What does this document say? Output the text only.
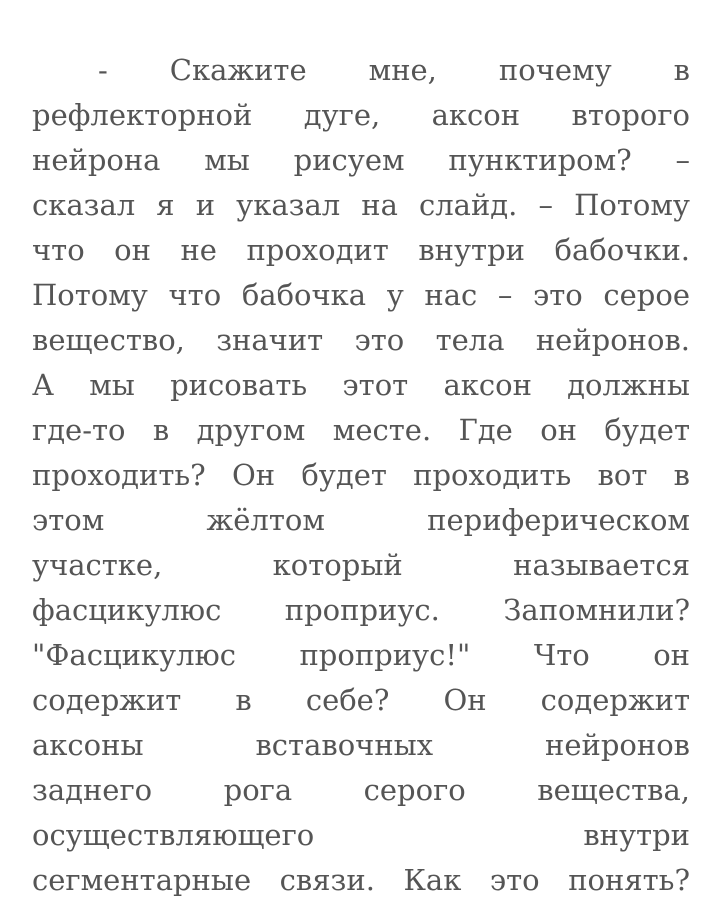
- Скажите мне, почему в
рефлекторной дуге, аксон второго
нейрона мы рисуем пунктиром? –
сказал я и указал на слайд. – Потому
что он не проходит внутри бабочки.
Потому что бабочка у нас – это серое
вещество, значит это тела нейронов.
А мы рисовать этот аксон должны
где-то в другом месте. Где он будет
проходить? Он будет проходить вот в
этом жёлтом периферическом
участке, который называется
фасцикулюс проприус. Запомнили?
"Фасцикулюс проприус!" Что он
содержит в себе? Он содержит
аксоны вставочных нейронов
заднего рога серого вещества,
осуществляющего внутри
сегментарные связи. Как это понять?
